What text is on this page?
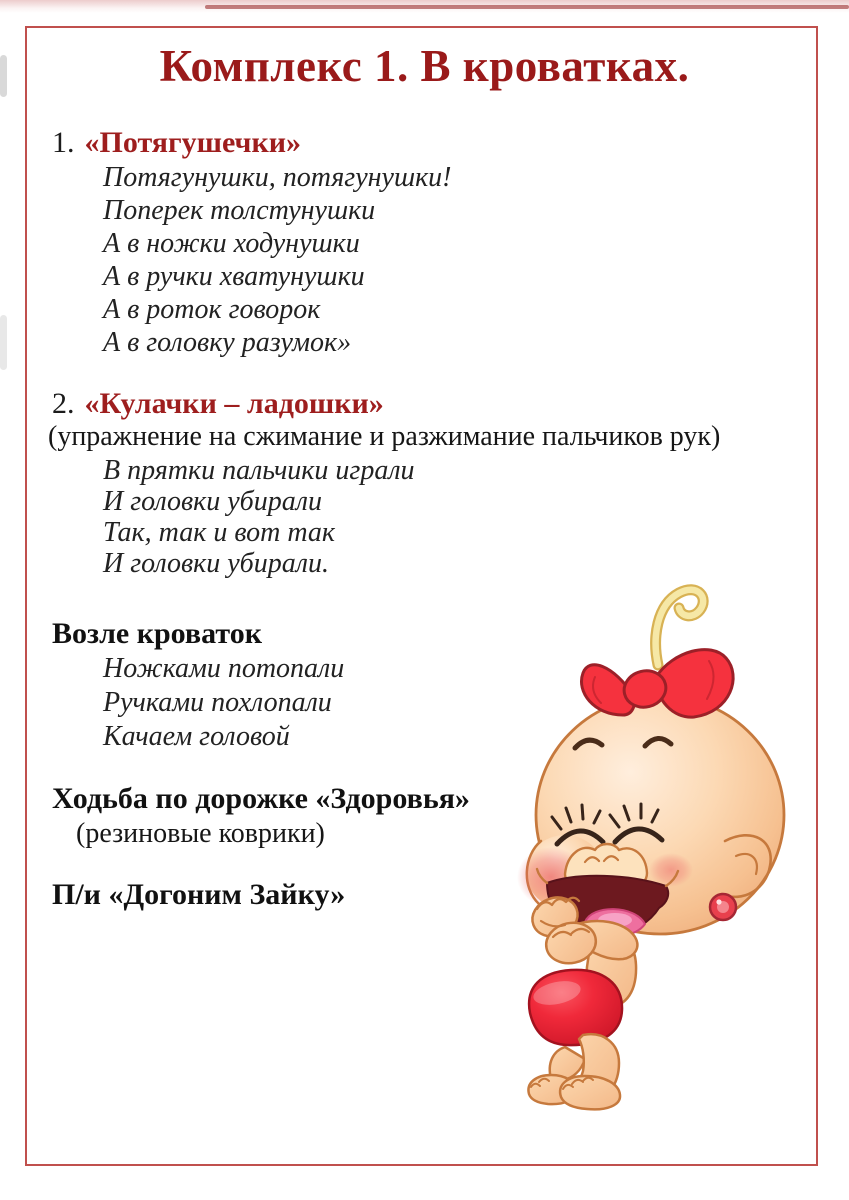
Комплекс 1. В кроватках.
1. «Потягушечки»
Потягунушки, потягунушки!
Поперек толстунушки
А в ножки ходунушки
А в ручки хватунушки
А в роток говорок
А в головку разумок»
2. «Кулачки – ладошки»
(упражнение на сжимание и разжимание пальчиков рук)
В прятки пальчики играли
И головки убирали
Так, так и вот так
И головки убирали.
Возле кроваток
Ножками потопали
Ручками похлопали
Качаем головой
Ходьба по дорожке «Здоровья»
(резиновые коврики)
П/и «Догоним Зайку»
